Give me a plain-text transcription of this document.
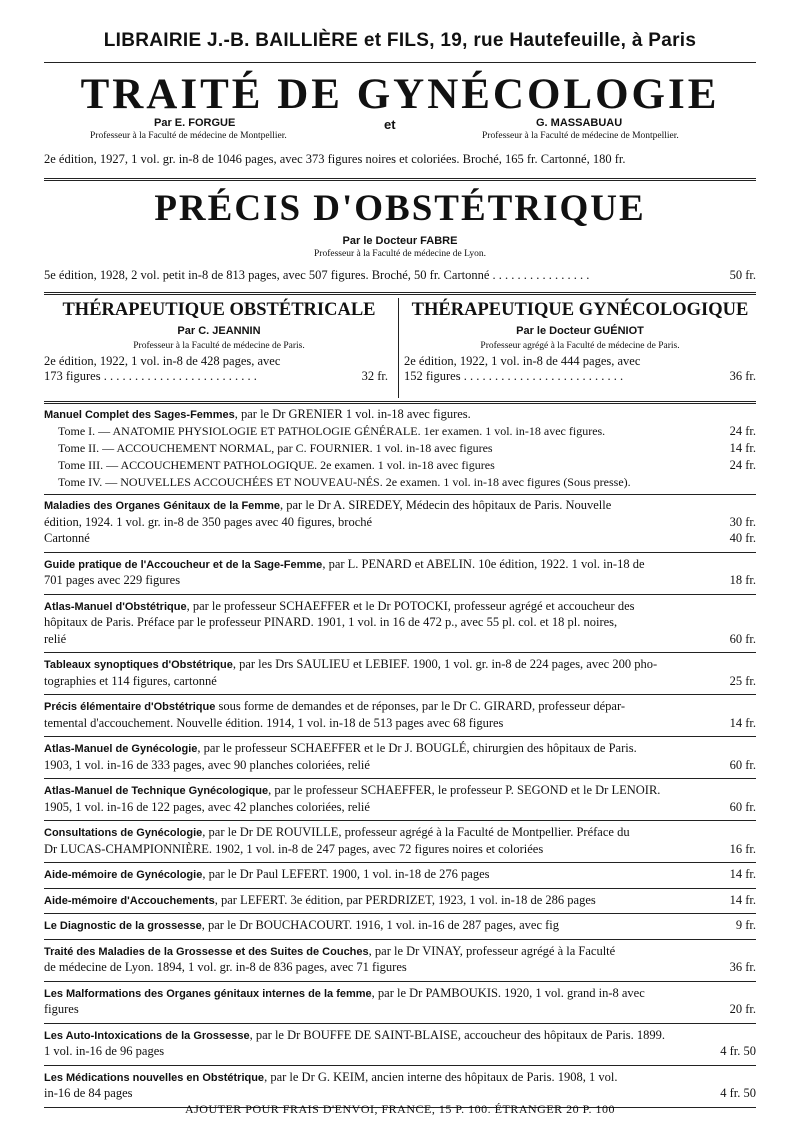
LIBRAIRIE J.-B. BAILLIÈRE et FILS, 19, rue Hautefeuille, à Paris
TRAITÉ DE GYNÉCOLOGIE
Par E. FORGUE	et	G. MASSABUAU
Professeur à la Faculté de médecine de Montpellier.	Professeur à la Faculté de médecine de Montpellier.
2e édition, 1927, 1 vol. gr. in-8 de 1046 pages, avec 373 figures noires et coloriées. Broché, 165 fr. Cartonné, 180 fr.
PRÉCIS D'OBSTÉTRIQUE
Par le Docteur FABRE
Professeur à la Faculté de médecine de Lyon.
5e édition, 1928, 2 vol. petit in-8 de 813 pages, avec 507 figures. Broché, 50 fr. Cartonné . . . . . . . . . . . . . . . .	50 fr.
THÉRAPEUTIQUE OBSTÉTRICALE
Par C. JEANNIN
Professeur à la Faculté de médecine de Paris.
2e édition, 1922, 1 vol. in-8 de 428 pages, avec
173 figures . . . . . . . . . . . . . . . . . . . . . . . . .	32 fr.
THÉRAPEUTIQUE GYNÉCOLOGIQUE
Par le Docteur GUÉNIOT
Professeur agrégé à la Faculté de médecine de Paris.
2e édition, 1922, 1 vol. in-8 de 444 pages, avec
152 figures . . . . . . . . . . . . . . . . . . . . . . . . . .	36 fr.
Manuel Complet des Sages-Femmes, par le Dr GRENIER 1 vol. in-18 avec figures.
Tome I. — ANATOMIE PHYSIOLOGIE ET PATHOLOGIE GÉNÉRALE. 1er examen. 1 vol. in-18 avec figures.	24 fr.
Tome II. — ACCOUCHEMENT NORMAL, par C. FOURNIER. 1 vol. in-18 avec figures	14 fr.
Tome III. — ACCOUCHEMENT PATHOLOGIQUE. 2e examen. 1 vol. in-18 avec figures	24 fr.
Tome IV. — NOUVELLES ACCOUCHÉES ET NOUVEAU-NÉS. 2e examen. 1 vol. in-18 avec figures (Sous presse).
Maladies des Organes Génitaux de la Femme, par le Dr A. SIREDEY, Médecin des hôpitaux de Paris. Nouvelle
édition, 1924. 1 vol. gr. in-8 de 350 pages avec 40 figures, broché	30 fr.
Cartonné	40 fr.
Guide pratique de l'Accoucheur et de la Sage-Femme, par L. PENARD et ABELIN. 10e édition, 1922. 1 vol. in-18 de
701 pages avec 229 figures	18 fr.
Atlas-Manuel d'Obstétrique, par le professeur SCHAEFFER et le Dr POTOCKI, professeur agrégé et accoucheur des
hôpitaux de Paris. Préface par le professeur PINARD. 1901, 1 vol. in 16 de 472 p., avec 55 pl. col. et 18 pl. noires,
relié	60 fr.
Tableaux synoptiques d'Obstétrique, par les Drs SAULIEU et LEBIEF. 1900, 1 vol. gr. in-8 de 224 pages, avec 200 pho-
tographies et 114 figures, cartonné	25 fr.
Précis élémentaire d'Obstétrique sous forme de demandes et de réponses, par le Dr C. GIRARD, professeur dépar-
temental d'accouchement. Nouvelle édition. 1914, 1 vol. in-18 de 513 pages avec 68 figures	14 fr.
Atlas-Manuel de Gynécologie, par le professeur SCHAEFFER et le Dr J. BOUGLÉ, chirurgien des hôpitaux de Paris.
1903, 1 vol. in-16 de 333 pages, avec 90 planches coloriées, relié	60 fr.
Atlas-Manuel de Technique Gynécologique, par le professeur SCHAEFFER, le professeur P. SEGOND et le Dr LENOIR.
1905, 1 vol. in-16 de 122 pages, avec 42 planches coloriées, relié	60 fr.
Consultations de Gynécologie, par le Dr DE ROUVILLE, professeur agrégé à la Faculté de Montpellier. Préface du
Dr LUCAS-CHAMPIONNIÈRE. 1902, 1 vol. in-8 de 247 pages, avec 72 figures noires et coloriées	16 fr.
Aide-mémoire de Gynécologie, par le Dr Paul LEFERT. 1900, 1 vol. in-18 de 276 pages	14 fr.
Aide-mémoire d'Accouchements, par LEFERT. 3e édition, par PERDRIZET, 1923, 1 vol. in-18 de 286 pages	14 fr.
Le Diagnostic de la grossesse, par le Dr BOUCHACOURT. 1916, 1 vol. in-16 de 287 pages, avec fig	9 fr.
Traité des Maladies de la Grossesse et des Suites de Couches, par le Dr VINAY, professeur agrégé à la Faculté
de médecine de Lyon. 1894, 1 vol. gr. in-8 de 836 pages, avec 71 figures	36 fr.
Les Malformations des Organes génitaux internes de la femme, par le Dr PAMBOUKIS. 1920, 1 vol. grand in-8 avec
figures	20 fr.
Les Auto-Intoxications de la Grossesse, par le Dr BOUFFE DE SAINT-BLAISE, accoucheur des hôpitaux de Paris. 1899.
1 vol. in-16 de 96 pages	4 fr. 50
Les Médications nouvelles en Obstétrique, par le Dr G. KEIM, ancien interne des hôpitaux de Paris. 1908, 1 vol.
in-16 de 84 pages	4 fr. 50
AJOUTER POUR FRAIS D'ENVOI, FRANCE, 15 P. 100. ÉTRANGER 20 P. 100
